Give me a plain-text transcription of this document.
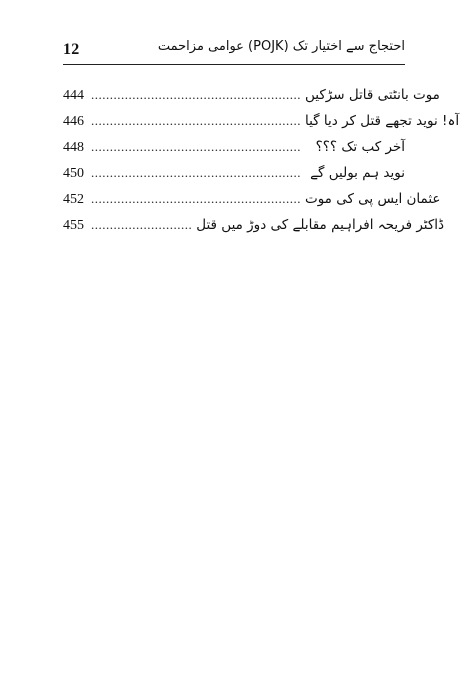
12	احتجاج سے اختیار تک (POJK) عوامی مزاحمت
444 ........................................................ موت بانٹتی قاتل سڑکیں
446 ........................................................ آہ! نوید تجھے قتل کر دیا گیا
448 ........................................................	آخر کب تک ؟؟؟
450 ........................................................ نوید ہم بولیں گے
452 ........................................................ عثمان ایس پی کی موت
455 ........................... ڈاکٹر فریحہ افراہیم مقابلے کی دوڑ میں قتل
